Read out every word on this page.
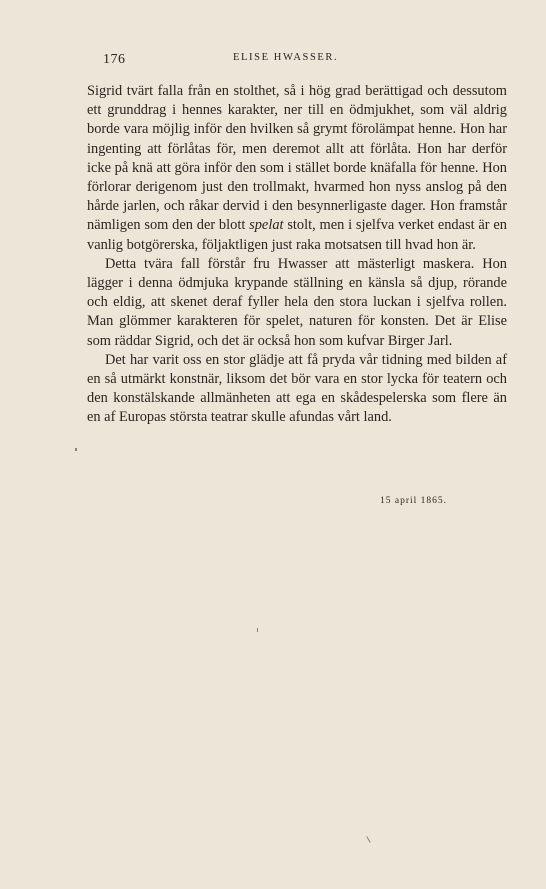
176	ELISE HWASSER.

Sigrid tvärt falla från en stolthet, så i hög grad berättigad och dessutom ett grunddrag i hennes karakter, ner till en ödmjukhet, som väl aldrig borde vara möjlig inför den hvilken så grymt förolämpat henne. Hon har ingenting att förlåtas för, men deremot allt att förlåta. Hon har derför icke på knä att göra inför den som i stället borde knäfalla för henne. Hon förlorar derigenom just den trollmakt, hvarmed hon nyss anslog på den hårde jarlen, och råkar dervid i den besynnerligaste dager. Hon framstår nämligen som den der blott spelat stolt, men i sjelfva verket endast är en vanlig botgörerska, följaktligen just raka motsatsen till hvad hon är.

Detta tvära fall förstår fru Hwasser att mästerligt maskera. Hon lägger i denna ödmjuka krypande ställning en känsla så djup, rörande och eldig, att skenet deraf fyller hela den stora luckan i sjelfva rollen. Man glömmer karakteren för spelet, naturen för konsten. Det är Elise som räddar Sigrid, och det är också hon som kufvar Birger Jarl.

Det har varit oss en stor glädje att få pryda vår tidning med bilden af en så utmärkt konstnär, liksom det bör vara en stor lycka för teatern och den konstälskande allmänheten att ega en skådespelerska som flere än en af Europas största teatrar skulle afundas vårt land.

15 april 1865.
